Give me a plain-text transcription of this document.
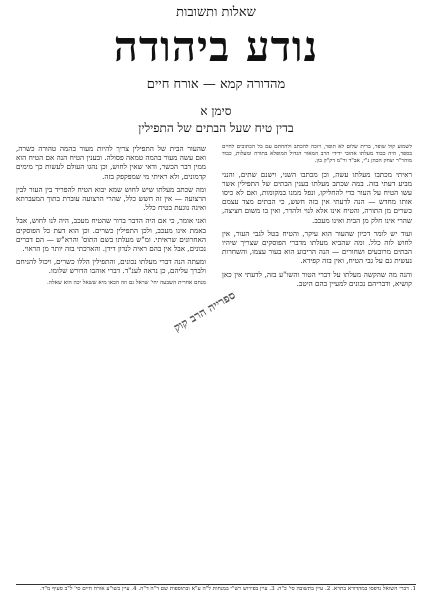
שאלות ותשובות
נודע ביהודה
מהדורה קמא — אורח חיים
סימן א
בדין טיח שעל הבתים של התפילין

לשמוע קול שופר, ברית שלום לא תופר, ויזכה להכתב ולהחתם עם כל הכתובים לחיים בספר, היה כבוד מעלתו אהובי ידידי הרב המאור הגדול המופלא בתורה ומעלות, כבוד מוהר"ר יצחק הכהן נ"י, אב"ד ור"מ דק"ק בון.

ראיתי מכתבו מעלתו עשה, וכן מכתבו השני, וישנם שתים, והנני מביע דעתי בזה. במה שכתב מעלתו בענין הבתים של התפילין אשר עשו הטיח על העור כדי להחליקו, ונפל ממנו במקומות, ואם לא כיסו אותו מחדש — הנה לדעתי אין בזה חשש, כי הבתים מצד עצמם כשרים מן התורה, והטיח אינו אלא לנוי ולהדר, ואין בו משום חציצה, שהרי אינו חלק מן הבית ואינו מעכב.

ועוד יש לומר דכיון שהעור הוא עיקר, והטיח בטל לגבי העור, אין לחוש לזה כלל. ומה שהביא מעלתו מדברי הפוסקים שצריך שיהיו הבתים מרובעים ושחורים — הנה הריבוע הוא בעור עצמו, והשחרות נעשית גם על גבי הטיח, ואין בזה קפידא.

והנה מה שהקשה מעלתו על דברי הטור והשו"ע בזה, לדעתי אין כאן קושיא, ודבריהם נכונים למעיין בהם היטב.

שהעור הבית של התפילין צריך להיות מעור בהמה טהורה כשרה, ואם עשה מעור בהמה טמאה פסולה. ובענין הטיח הנה אם הטיח הוא ממין דבר הכשר, ודאי שאין לחוש, וכן נהגו העולם לעשות כך מימים קדמונים, ולא ראיתי מי שמפקפק בזה.

ומה שכתב מעלתו שיש לחוש שמא יבוא הטיח להפריד בין העור לבין הרצועה — אין זה חשש כלל, שהרי הרצועה עוברת בתוך המעברתא ואינה נוגעת בטיח כלל.

ואני אומר, כי אם היה הדבר ברור שהטיח מעכב, היה לנו לחוש, אבל באמת אינו מעכב, ולכן התפילין כשרים. וכן הוא דעת כל הפוסקים האחרונים שראיתי. ומ"ש מעלתו בשם התוס' והרא"ש — הם דברים נכונים, אבל אין בהם ראיה לנדון דידן. והארכתי בזה יותר מן הראוי.

ומעתה הנה דברי מעלתו נכונים, והתפילין הללו כשרים, ויכול להניחם ולברך עליהם, כן נראה לענ"ד. דברי אוהבו הדורש שלומו.

מנחם אחרית השבעה יחי' שראל גם וזה הכאו מיא ששאל יכה הוא שאלה.

ספרייה הרב קוק
1. דברי השואל נדפסו במהדורא בתרא. 2. עיין בתשובה סי' כ"ה. 3. עיין בפירוש רש"י במנחות ל"ה ע"א ובתוספות שם ד"ה ד"ה. 4. עיין בשו"ע אורח חיים סי' ל"ב סעיף מ"ד.
